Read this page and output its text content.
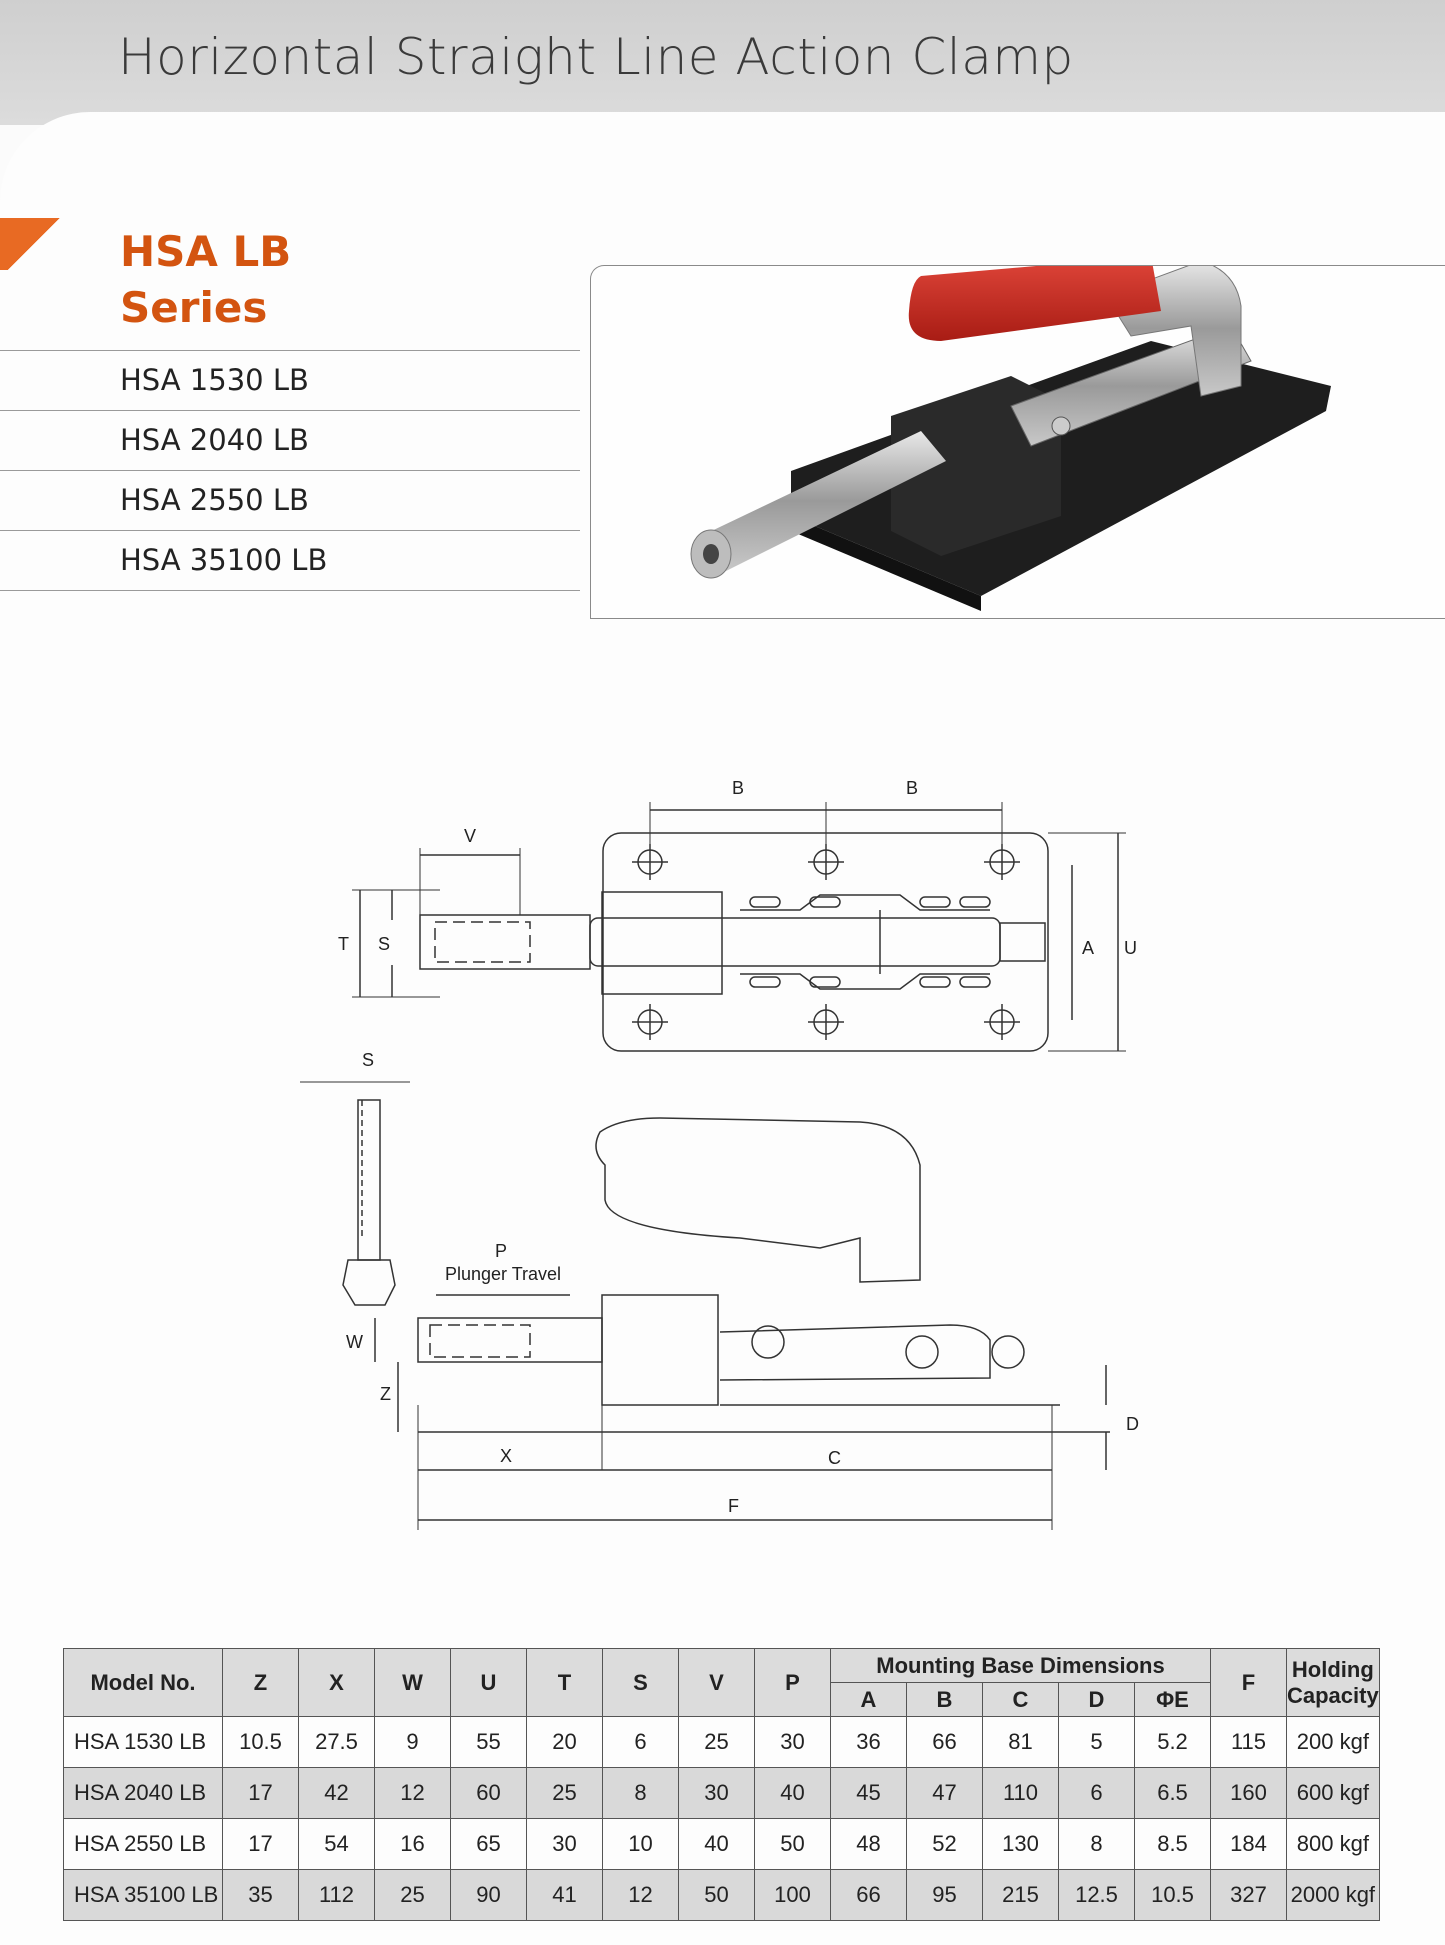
Horizontal Straight Line Action Clamp
HSA LB
Series
HSA 1530 LB
HSA 2040 LB
HSA 2550 LB
HSA 35100 LB
B	B
V
T S	A U
S
P
Plunger Travel
W
Z
D
X	C
F
Model No.	Z	X	W	U	T	S	V	P	Mounting Base Dimensions					F	Holding Capacity
									A	B	C	D	ΦE		
HSA 1530 LB	10.5	27.5	9	55	20	6	25	30	36	66	81	5	5.2	115	200 kgf
HSA 2040 LB	17	42	12	60	25	8	30	40	45	47	110	6	6.5	160	600 kgf
HSA 2550 LB	17	54	16	65	30	10	40	50	48	52	130	8	8.5	184	800 kgf
HSA 35100 LB	35	112	25	90	41	12	50	100	66	95	215	12.5	10.5	327	2000 kgf
